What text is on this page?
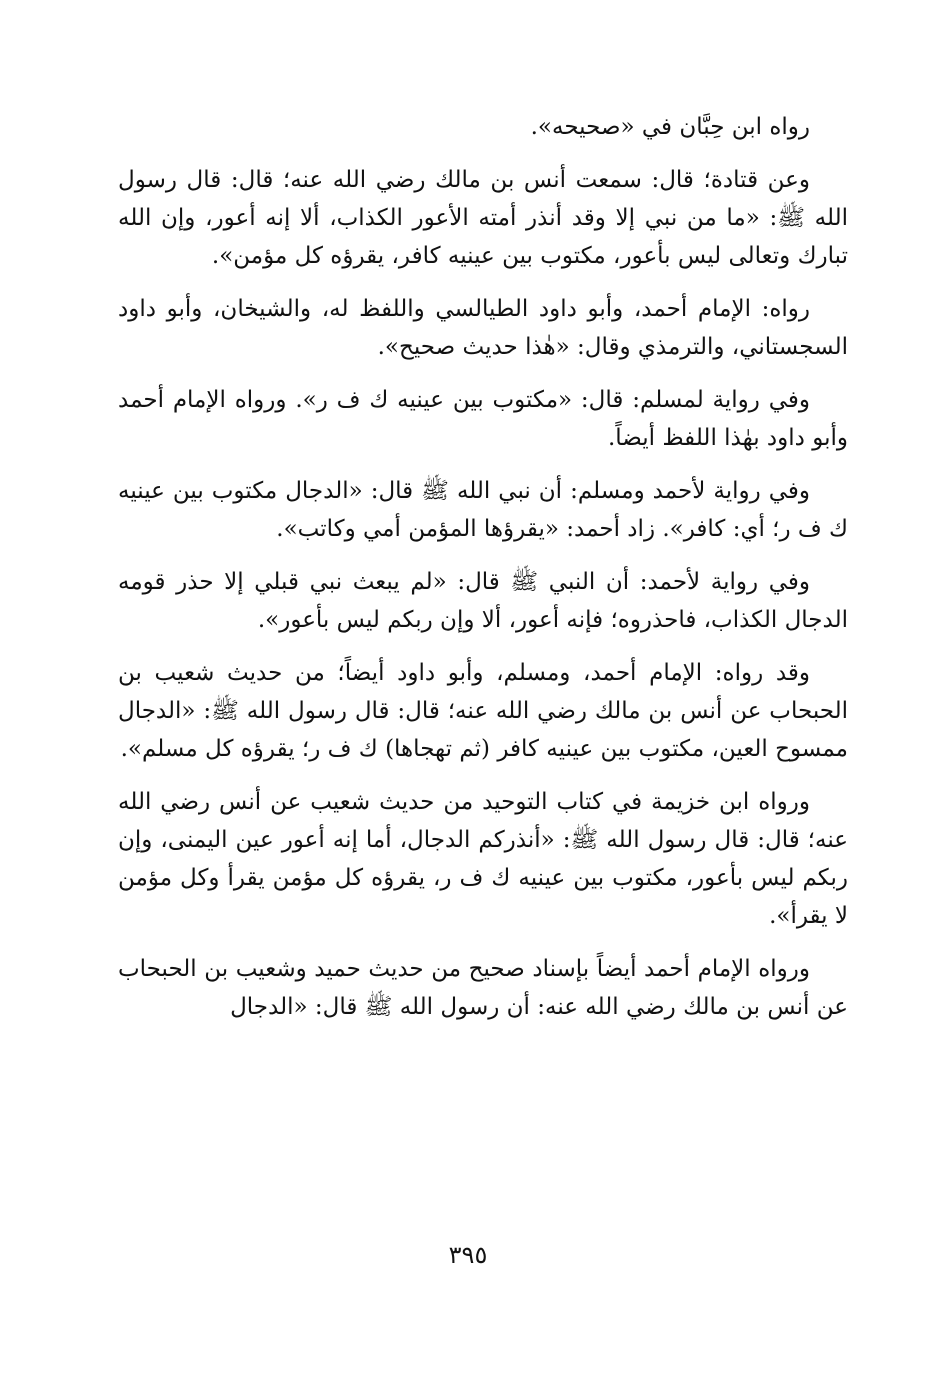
رواه ابن حِبَّان في «صحيحه».

وعن قتادة؛ قال: سمعت أنس بن مالك رضي الله عنه؛ قال: قال رسول الله ﷺ: «ما من نبي إلا وقد أنذر أمته الأعور الكذاب، ألا إنه أعور، وإن الله تبارك وتعالى ليس بأعور، مكتوب بين عينيه كافر، يقرؤه كل مؤمن».

رواه: الإمام أحمد، وأبو داود الطيالسي واللفظ له، والشيخان، وأبو داود السجستاني، والترمذي وقال: «هٰذا حديث صحيح».

وفي رواية لمسلم: قال: «مكتوب بين عينيه ك ف ر». ورواه الإمام أحمد وأبو داود بهٰذا اللفظ أيضاً.

وفي رواية لأحمد ومسلم: أن نبي الله ﷺ قال: «الدجال مكتوب بين عينيه ك ف ر؛ أي: كافر». زاد أحمد: «يقرؤها المؤمن أمي وكاتب».

وفي رواية لأحمد: أن النبي ﷺ قال: «لم يبعث نبي قبلي إلا حذر قومه الدجال الكذاب، فاحذروه؛ فإنه أعور، ألا وإن ربكم ليس بأعور».

وقد رواه: الإمام أحمد، ومسلم، وأبو داود أيضاً؛ من حديث شعيب بن الحبحاب عن أنس بن مالك رضي الله عنه؛ قال: قال رسول الله ﷺ: «الدجال ممسوح العين، مكتوب بين عينيه كافر (ثم تهجاها) ك ف ر؛ يقرؤه كل مسلم».

ورواه ابن خزيمة في كتاب التوحيد من حديث شعيب عن أنس رضي الله عنه؛ قال: قال رسول الله ﷺ: «أنذركم الدجال، أما إنه أعور عين اليمنى، وإن ربكم ليس بأعور، مكتوب بين عينيه ك ف ر، يقرؤه كل مؤمن يقرأ وكل مؤمن لا يقرأ».

ورواه الإمام أحمد أيضاً بإسناد صحيح من حديث حميد وشعيب بن الحبحاب عن أنس بن مالك رضي الله عنه: أن رسول الله ﷺ قال: «الدجال

٣٩٥
